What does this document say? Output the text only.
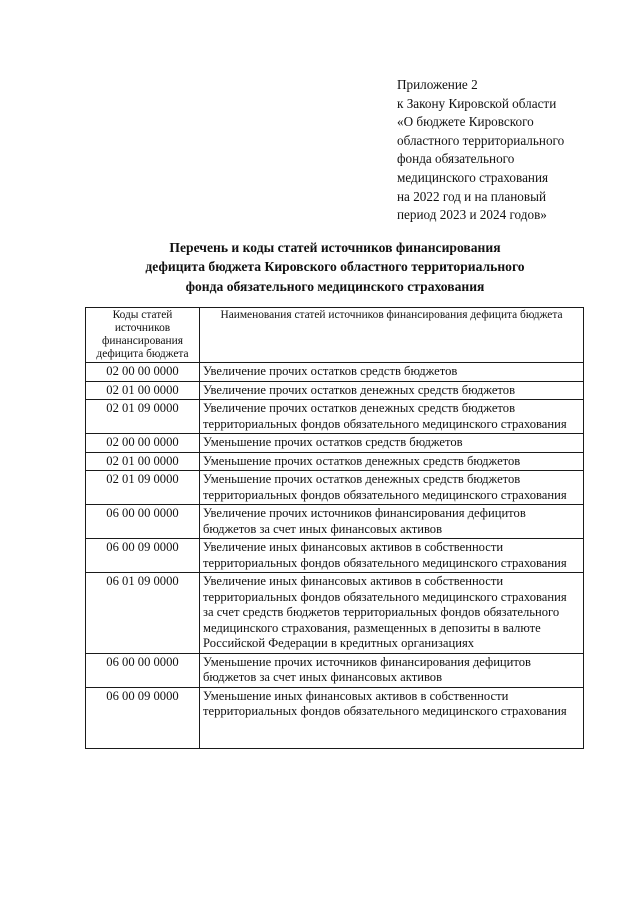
Приложение 2
к Закону Кировской области
«О бюджете Кировского
областного территориального
фонда обязательного
медицинского страхования
на 2022 год и на плановый
период 2023 и 2024 годов»
Перечень и коды статей источников финансирования
дефицита бюджета Кировского областного территориального
фонда обязательного медицинского страхования
Коды статей источников финансирования дефицита бюджета	Наименования статей источников финансирования дефицита бюджета
02 00 00 0000	Увеличение прочих остатков средств бюджетов
02 01 00 0000	Увеличение прочих остатков денежных средств бюджетов
02 01 09 0000	Увеличение прочих остатков денежных средств бюджетов территориальных фондов обязательного медицинского страхования
02 00 00 0000	Уменьшение прочих остатков средств бюджетов
02 01 00 0000	Уменьшение прочих остатков денежных средств бюджетов
02 01 09 0000	Уменьшение прочих остатков денежных средств бюджетов территориальных фондов обязательного медицинского страхования
06 00 00 0000	Увеличение прочих источников финансирования дефицитов бюджетов за счет иных финансовых активов
06 00 09 0000	Увеличение иных финансовых активов в собственности территориальных фондов обязательного медицинского страхования
06 01 09 0000	Увеличение иных финансовых активов в собственности территориальных фондов обязательного медицинского страхования за счет средств бюджетов территориальных фондов обязательного медицинского страхования, размещенных в депозиты в валюте Российской Федерации в кредитных организациях
06 00 00 0000	Уменьшение прочих источников финансирования дефицитов бюджетов за счет иных финансовых активов
06 00 09 0000	Уменьшение иных финансовых активов в собственности территориальных фондов обязательного медицинского страхования
